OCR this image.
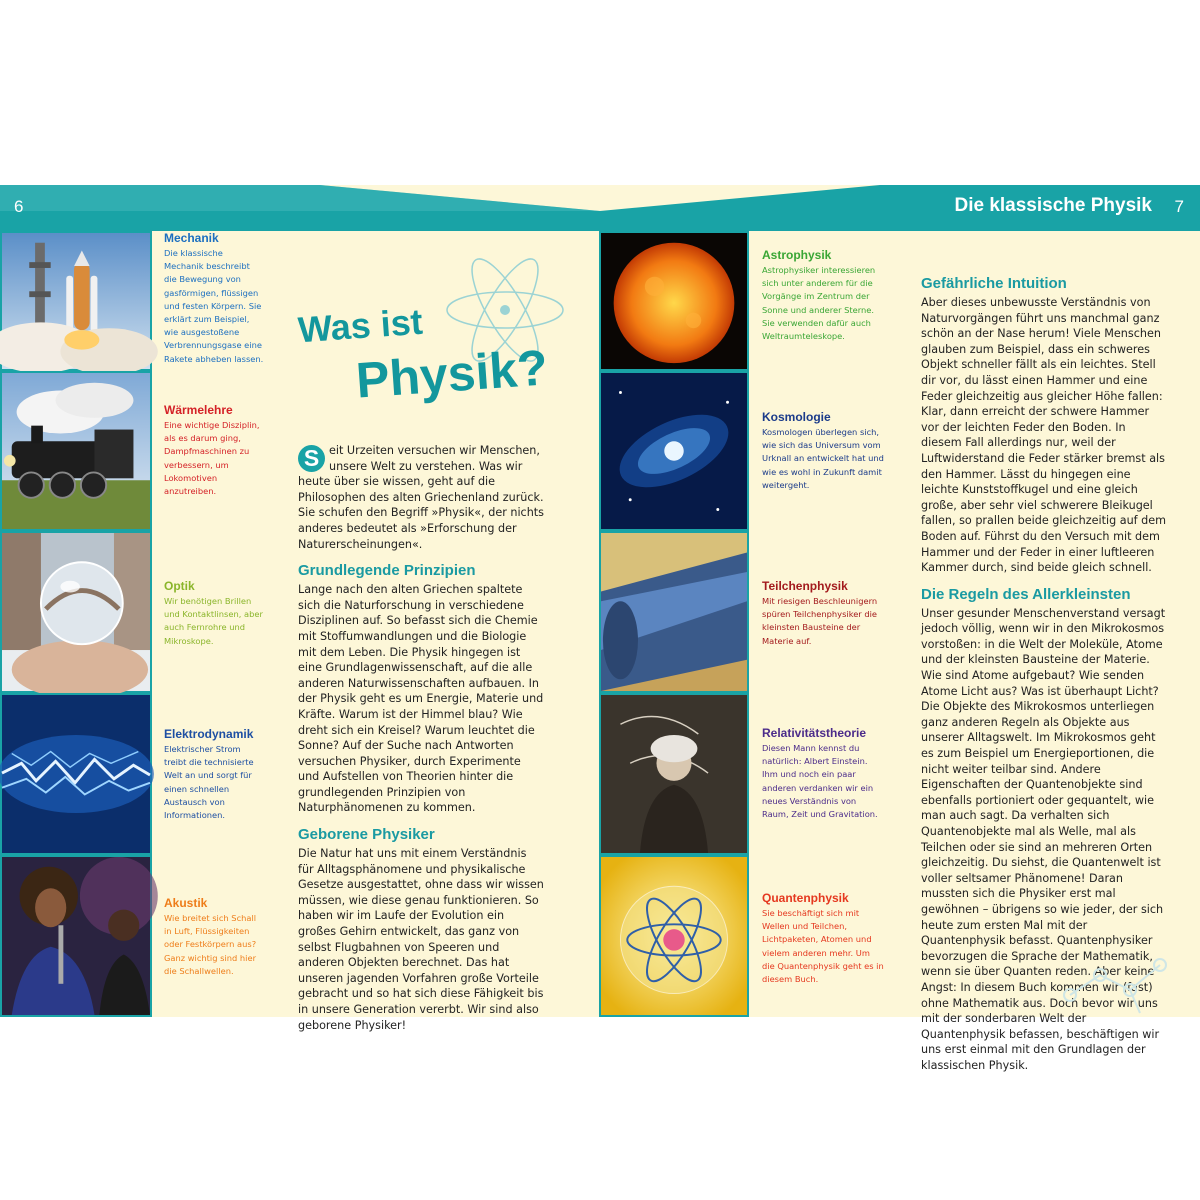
6	Die klassische Physik 7
Mechanik
Die klassische Mechanik beschreibt die Bewegung von gasförmigen, flüssigen und festen Körpern. Sie erklärt zum Beispiel, wie ausgestoßene Verbrennungsgase eine Rakete abheben lassen.
Wärmelehre
Eine wichtige Disziplin, als es darum ging, Dampfmaschinen zu verbessern, um Lokomotiven anzutreiben.
Optik
Wir benötigen Brillen und Kontaktlinsen, aber auch Fernrohre und Mikroskope.
Elektrodynamik
Elektrischer Strom treibt die technisierte Welt an und sorgt für einen schnellen Austausch von Informationen.
Akustik
Wie breitet sich Schall in Luft, Flüssigkeiten oder Festkörpern aus? Ganz wichtig sind hier die Schallwellen.
Was ist
Physik?

S eit Urzeiten versuchen wir Menschen, unsere Welt zu verstehen. Was wir heute über sie wissen, geht auf die Philosophen des alten Griechenland zurück. Sie schufen den Begriff »Physik«, der nichts anderes bedeutet als »Erforschung der Naturerscheinungen«.

Grundlegende Prinzipien

Lange nach den alten Griechen spaltete sich die Naturforschung in verschiedene Disziplinen auf. So befasst sich die Chemie mit Stoffumwandlungen und die Biologie mit dem Leben. Die Physik hingegen ist eine Grundlagenwissenschaft, auf die alle anderen Naturwissenschaften aufbauen. In der Physik geht es um Energie, Materie und Kräfte. Warum ist der Himmel blau? Wie dreht sich ein Kreisel? Warum leuchtet die Sonne? Auf der Suche nach Antworten versuchen Physiker, durch Experimente und Aufstellen von Theorien hinter die grundlegenden Prinzipien von Naturphänomenen zu kommen.

Geborene Physiker

Die Natur hat uns mit einem Verständnis für Alltagsphänomene und physikalische Gesetze ausgestattet, ohne dass wir wissen müssen, wie diese genau funktionieren. So haben wir im Laufe der Evolution ein großes Gehirn entwickelt, das ganz von selbst Flugbahnen von Speeren und anderen Objekten berechnet. Das hat unseren jagenden Vorfahren große Vorteile gebracht und so hat sich diese Fähigkeit bis in unsere Generation vererbt. Wir sind also geborene Physiker!

Astrophysik
Astrophysiker interessieren sich unter anderem für die Vorgänge im Zentrum der Sonne und anderer Sterne. Sie verwenden dafür auch Weltraumteleskope.
Kosmologie
Kosmologen überlegen sich, wie sich das Universum vom Urknall an entwickelt hat und wie es wohl in Zukunft damit weitergeht.
Teilchenphysik
Mit riesigen Beschleunigern spüren Teilchenphysiker die kleinsten Bausteine der Materie auf.
Relativitätstheorie
Diesen Mann kennst du natürlich: Albert Einstein. Ihm und noch ein paar anderen verdanken wir ein neues Verständnis von Raum, Zeit und Gravitation.
Quantenphysik
Sie beschäftigt sich mit Wellen und Teilchen, Lichtpaketen, Atomen und vielem anderen mehr. Um die Quantenphysik geht es in diesem Buch.
Gefährliche Intuition

Aber dieses unbewusste Verständnis von Naturvorgängen führt uns manchmal ganz schön an der Nase herum! Viele Menschen glauben zum Beispiel, dass ein schweres Objekt schneller fällt als ein leichtes. Stell dir vor, du lässt einen Hammer und eine Feder gleichzeitig aus gleicher Höhe fallen: Klar, dann erreicht der schwere Hammer vor der leichten Feder den Boden. In diesem Fall allerdings nur, weil der Luftwiderstand die Feder stärker bremst als den Hammer. Lässt du hingegen eine leichte Kunststoffkugel und eine gleich große, aber sehr viel schwerere Bleikugel fallen, so prallen beide gleichzeitig auf dem Boden auf. Führst du den Versuch mit dem Hammer und der Feder in einer luftleeren Kammer durch, sind beide gleich schnell.

Die Regeln des Allerkleinsten

Unser gesunder Menschenverstand versagt jedoch völlig, wenn wir in den Mikrokosmos vorstoßen: in die Welt der Moleküle, Atome und der kleinsten Bausteine der Materie. Wie sind Atome aufgebaut? Wie senden Atome Licht aus? Was ist überhaupt Licht? Die Objekte des Mikrokosmos unterliegen ganz anderen Regeln als Objekte aus unserer Alltagswelt. Im Mikrokosmos geht es zum Beispiel um Energieportionen, die nicht weiter teilbar sind. Andere Eigenschaften der Quantenobjekte sind ebenfalls portioniert oder gequantelt, wie man auch sagt. Da verhalten sich Quantenobjekte mal als Welle, mal als Teilchen oder sie sind an mehreren Orten gleichzeitig. Du siehst, die Quantenwelt ist voller seltsamer Phänomene! Daran mussten sich die Physiker erst mal gewöhnen – übrigens so wie jeder, der sich heute zum ersten Mal mit der Quantenphysik befasst. Quantenphysiker bevorzugen die Sprache der Mathematik, wenn sie über Quanten reden. Aber keine Angst: In diesem Buch kommen wir (fast) ohne Mathematik aus. Doch bevor wir uns mit der sonderbaren Welt der Quantenphysik befassen, beschäftigen wir uns erst einmal mit den Grundlagen der klassischen Physik.
